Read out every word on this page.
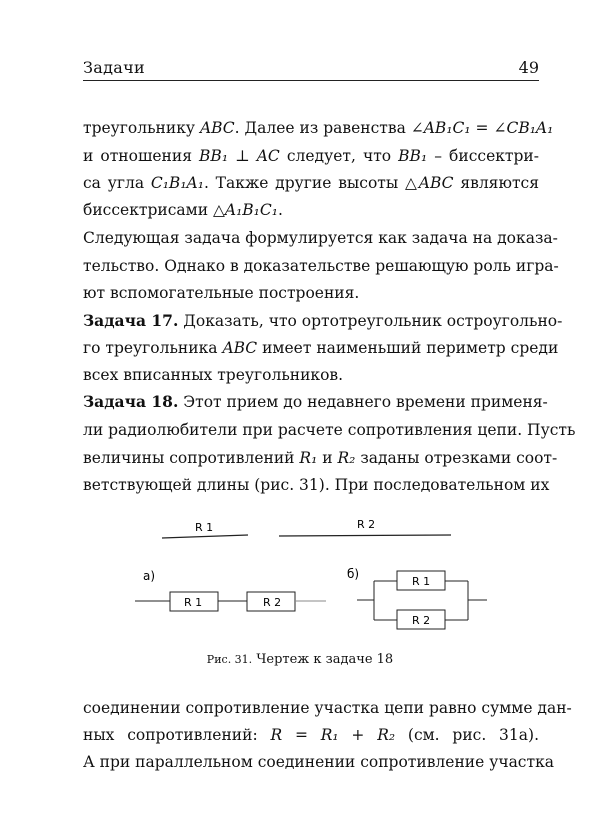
Задачи	49
треугольнику ABC. Далее из равенства ∠AB₁C₁ = ∠CB₁A₁
и отношения BB₁ ⊥ AC следует, что BB₁ – биссектри-
са угла C₁B₁A₁. Также другие высоты △ABC являются
биссектрисами △A₁B₁C₁.
Следующая задача формулируется как задача на доказа-
тельство. Однако в доказательстве решающую роль игра-
ют вспомогательные построения.
Задача 17. Доказать, что ортотреугольник остроугольно-
го треугольника ABC имеет наименьший периметр среди
всех вписанных треугольников.
Задача 18. Этот прием до недавнего времени применя-
ли радиолюбители при расчете сопротивления цепи. Пусть
величины сопротивлений R₁ и R₂ заданы отрезками соот-
ветствующей длины (рис. 31). При последовательном их
R 1	R 2
а)
R 1	R 2
б)
R 1
R 2
Рис. 31. Чертеж к задаче 18
соединении сопротивление участка цепи равно сумме дан-
ных сопротивлений: R = R₁ + R₂ (см. рис. 31а).
А при параллельном соединении сопротивление участка
